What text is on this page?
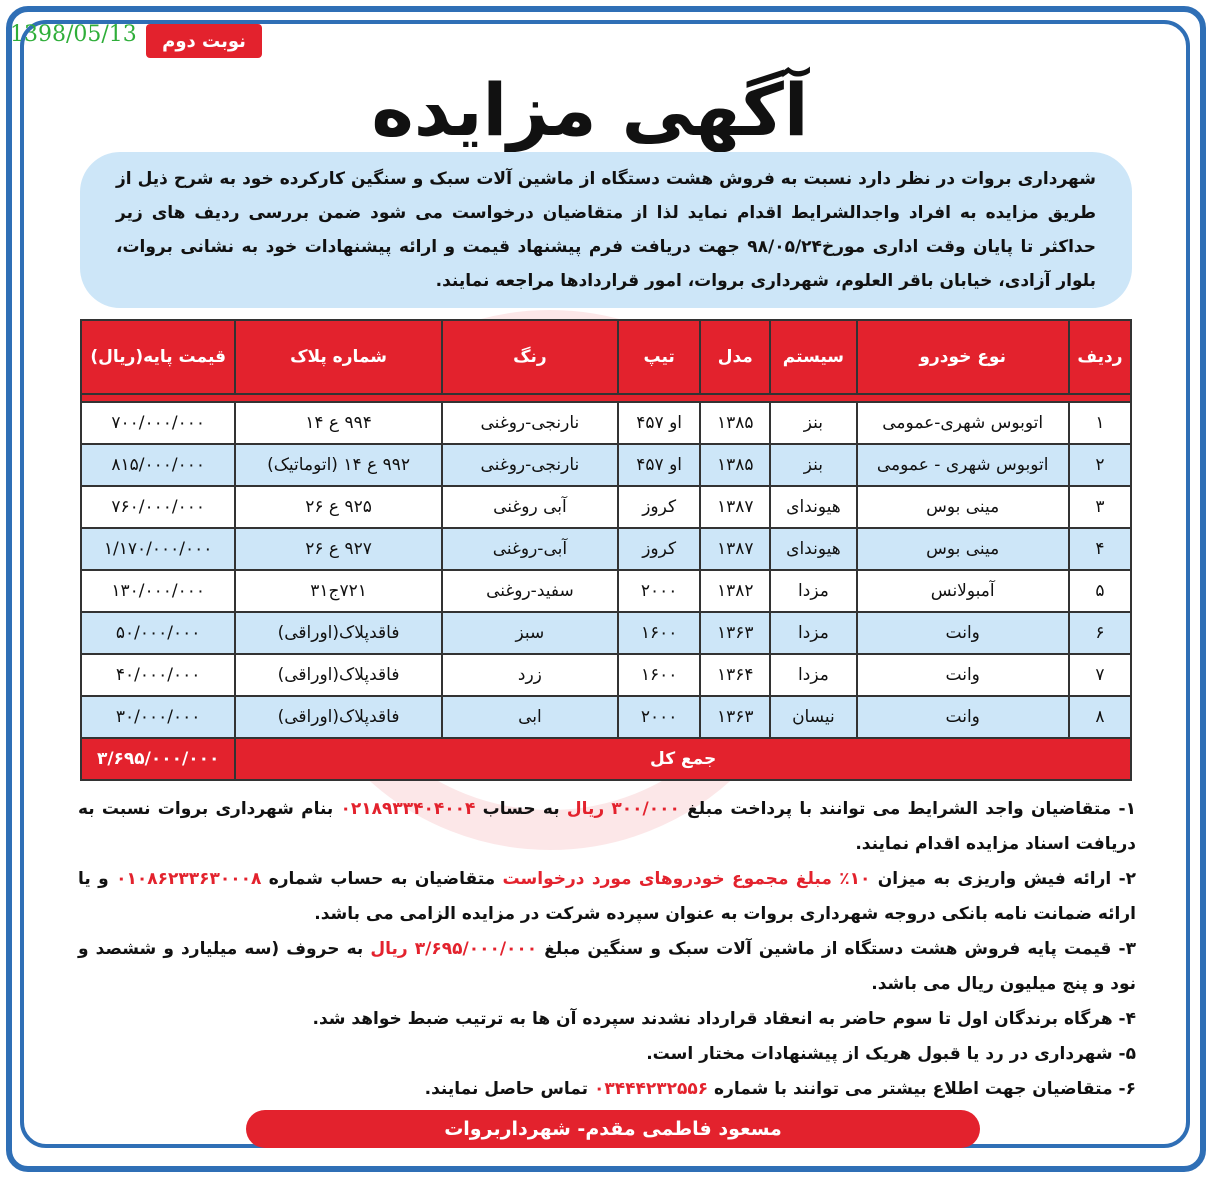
1398/05/13	نوبت دوم
آگهی مزایده
شهرداری بروات در نظر دارد نسبت به فروش هشت دستگاه از ماشین آلات سبک و سنگین کارکرده خود به شرح ذیل از طریق مزایده به افراد واجدالشرایط اقدام نماید لذا از متقاضیان درخواست می شود ضمن بررسی ردیف های زیر حداکثر تا پایان وقت اداری مورخ۹۸/۰۵/۲۴ جهت دریافت فرم پیشنهاد قیمت و ارائه پیشنهادات خود به نشانی بروات، بلوار آزادی، خیابان باقر العلوم، شهرداری بروات، امور قراردادها مراجعه نمایند.
ردیف	نوع خودرو	سیستم	مدل	تیپ	رنگ	شماره پلاک	قیمت پایه(ریال)

۱	اتوبوس شهری-عمومی	بنز	۱۳۸۵	او ۴۵۷	نارنجی-روغنی	۹۹۴ ع ۱۴	۷۰۰/۰۰۰/۰۰۰
۲	اتوبوس شهری - عمومی	بنز	۱۳۸۵	او ۴۵۷	نارنجی-روغنی	۹۹۲ ع ۱۴ (اتوماتیک)	۸۱۵/۰۰۰/۰۰۰
۳	مینی بوس	هیوندای	۱۳۸۷	کروز	آبی روغنی	۹۲۵ ع ۲۶	۷۶۰/۰۰۰/۰۰۰
۴	مینی بوس	هیوندای	۱۳۸۷	کروز	آبی-روغنی	۹۲۷ ع ۲۶	۱/۱۷۰/۰۰۰/۰۰۰
۵	آمبولانس	مزدا	۱۳۸۲	۲۰۰۰	سفید-روغنی	۷۲۱ج۳۱	۱۳۰/۰۰۰/۰۰۰
۶	وانت	مزدا	۱۳۶۳	۱۶۰۰	سبز	فاقدپلاک(اوراقی)	۵۰/۰۰۰/۰۰۰
۷	وانت	مزدا	۱۳۶۴	۱۶۰۰	زرد	فاقدپلاک(اوراقی)	۴۰/۰۰۰/۰۰۰
۸	وانت	نیسان	۱۳۶۳	۲۰۰۰	ابی	فاقدپلاک(اوراقی)	۳۰/۰۰۰/۰۰۰
جمع کل							۳/۶۹۵/۰۰۰/۰۰۰

۱- متقاضیان واجد الشرایط می توانند با پرداخت مبلغ ۳۰۰/۰۰۰ ریال به حساب ۰۲۱۸۹۳۳۴۰۴۰۰۴ بنام شهرداری بروات نسبت به دریافت اسناد مزایده اقدام نمایند.

۲- ارائه فیش واریزی به میزان ۱۰٪ مبلغ مجموع خودروهای مورد درخواست متقاضیان به حساب شماره ۰۱۰۸۶۲۳۳۶۳۰۰۰۸ و یا ارائه ضمانت نامه بانکی دروجه شهرداری بروات به عنوان سپرده شرکت در مزایده الزامی می باشد.

۳- قیمت پایه فروش هشت دستگاه از ماشین آلات سبک و سنگین مبلغ ۳/۶۹۵/۰۰۰/۰۰۰ ریال به حروف (سه میلیارد و ششصد و نود و پنج میلیون ریال می باشد.

۴- هرگاه برندگان اول تا سوم حاضر به انعقاد قرارداد نشدند سپرده آن ها به ترتیب ضبط خواهد شد.

۵- شهرداری در رد یا قبول هریک از پیشنهادات مختار است.

۶- متقاضیان جهت اطلاع بیشتر می توانند با شماره ۰۳۴۴۴۲۳۲۵۵۶ تماس حاصل نمایند.

مسعود فاطمی مقدم- شهرداربروات
